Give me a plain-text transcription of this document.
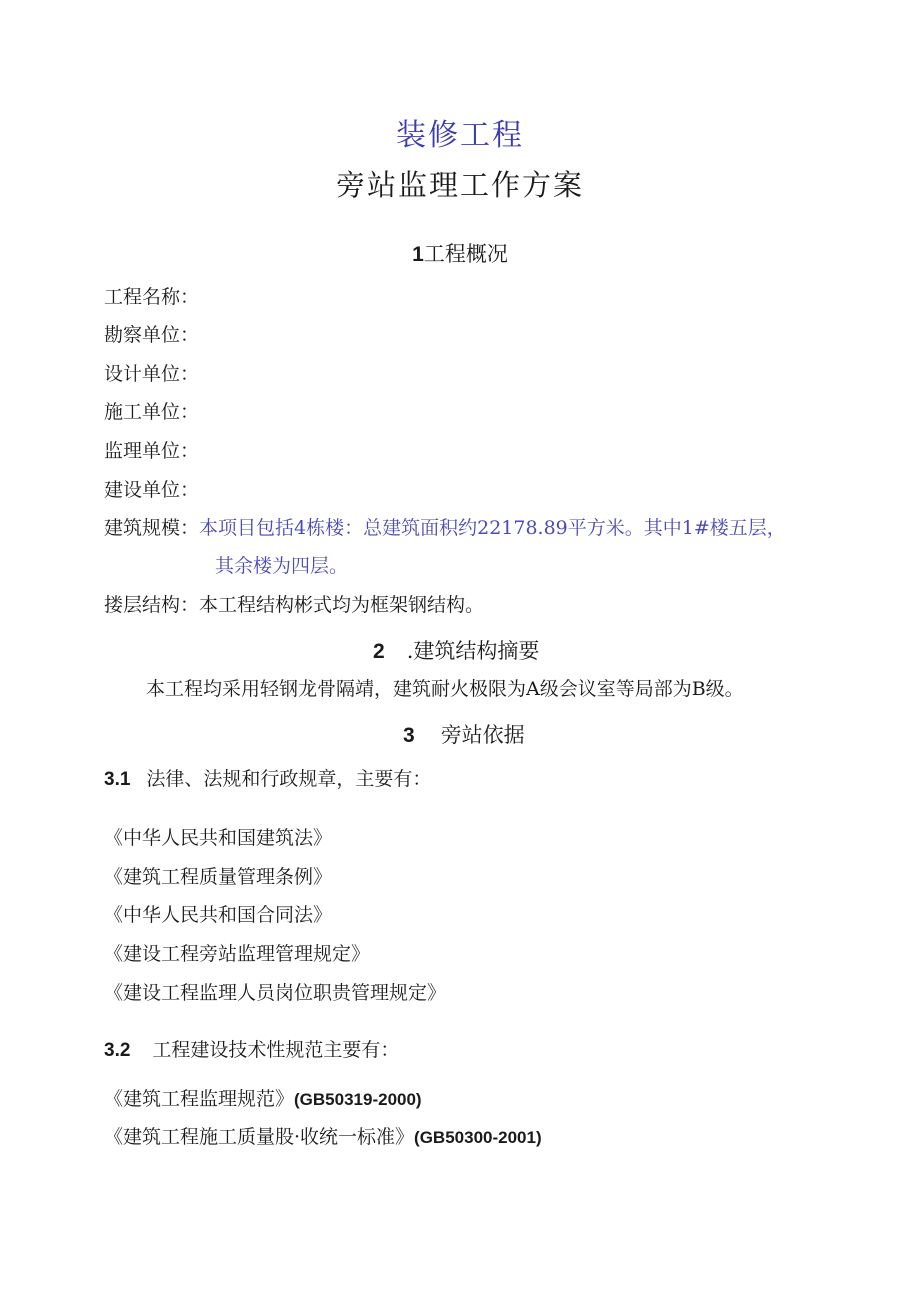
装修工程
旁站监理工作方案
1工程概况
工程名称：
勘察单位：
设计单位：
施工单位：
监理单位：
建设单位：
建筑规模：本项目包括4栋楼：总建筑面积约22178.89平方米。其中1#楼五层，
其余楼为四层。
搂层结构：本工程结构彬式均为框架钢结构。
2 .建筑结构摘要
本工程均采用轻钢龙骨隔靖，建筑耐火极限为A级会议室等局部为B级。
3 旁站依据
3.1 法律、法规和行政规章，主要有：
《中华人民共和国建筑法》
《建筑工程质量管理条例》
《中华人民共和国合同法》
《建设工程旁站监理管理规定》
《建设工程监理人员岗位职贵管理规定》
3.2 工程建设技术性规范主要有：
《建筑工程监理规范》(GB50319-2000)
《建筑工程施工质量股·收统一标准》(GB50300-2001)
